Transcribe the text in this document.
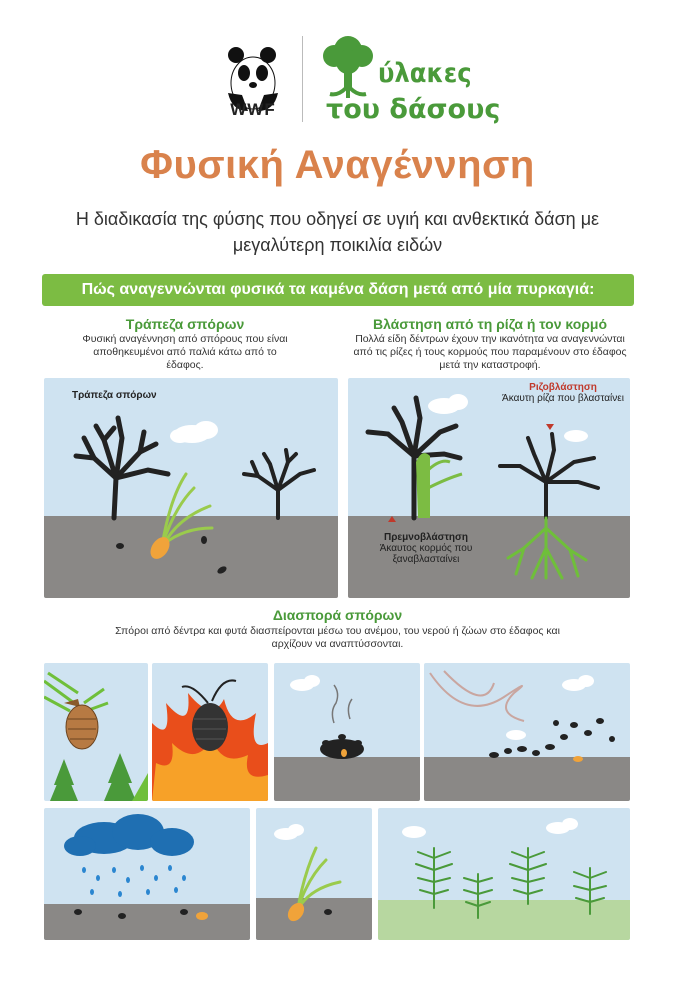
WWF
ύλακες
του δάσους
Φυσική Αναγέννηση
Η διαδικασία της φύσης που οδηγεί σε υγιή και ανθεκτικά δάση με μεγαλύτερη ποικιλία ειδών
Πώς αναγεννώνται φυσικά τα καμένα δάση μετά από μία πυρκαγιά:
Τράπεζα σπόρων
Φυσική αναγέννηση από σπόρους που είναι αποθηκευμένοι από παλιά κάτω από το έδαφος.
Βλάστηση από τη ρίζα ή τον κορμό
Πολλά είδη δέντρων έχουν την ικανότητα να αναγεννώνται από τις ρίζες ή τους κορμούς που παραμένουν στο έδαφος μετά την καταστροφή.
Τράπεζα σπόρων
Ριζοβλάστηση
Άκαυτη ρίζα που βλασταίνει
Πρεμνοβλάστηση
Άκαυτος κορμός που ξαναβλασταίνει
Διασπορά σπόρων
Σπόροι από δέντρα και φυτά διασπείρονται μέσω του ανέμου, του νερού ή ζώων στο έδαφος και αρχίζουν να αναπτύσσονται.
